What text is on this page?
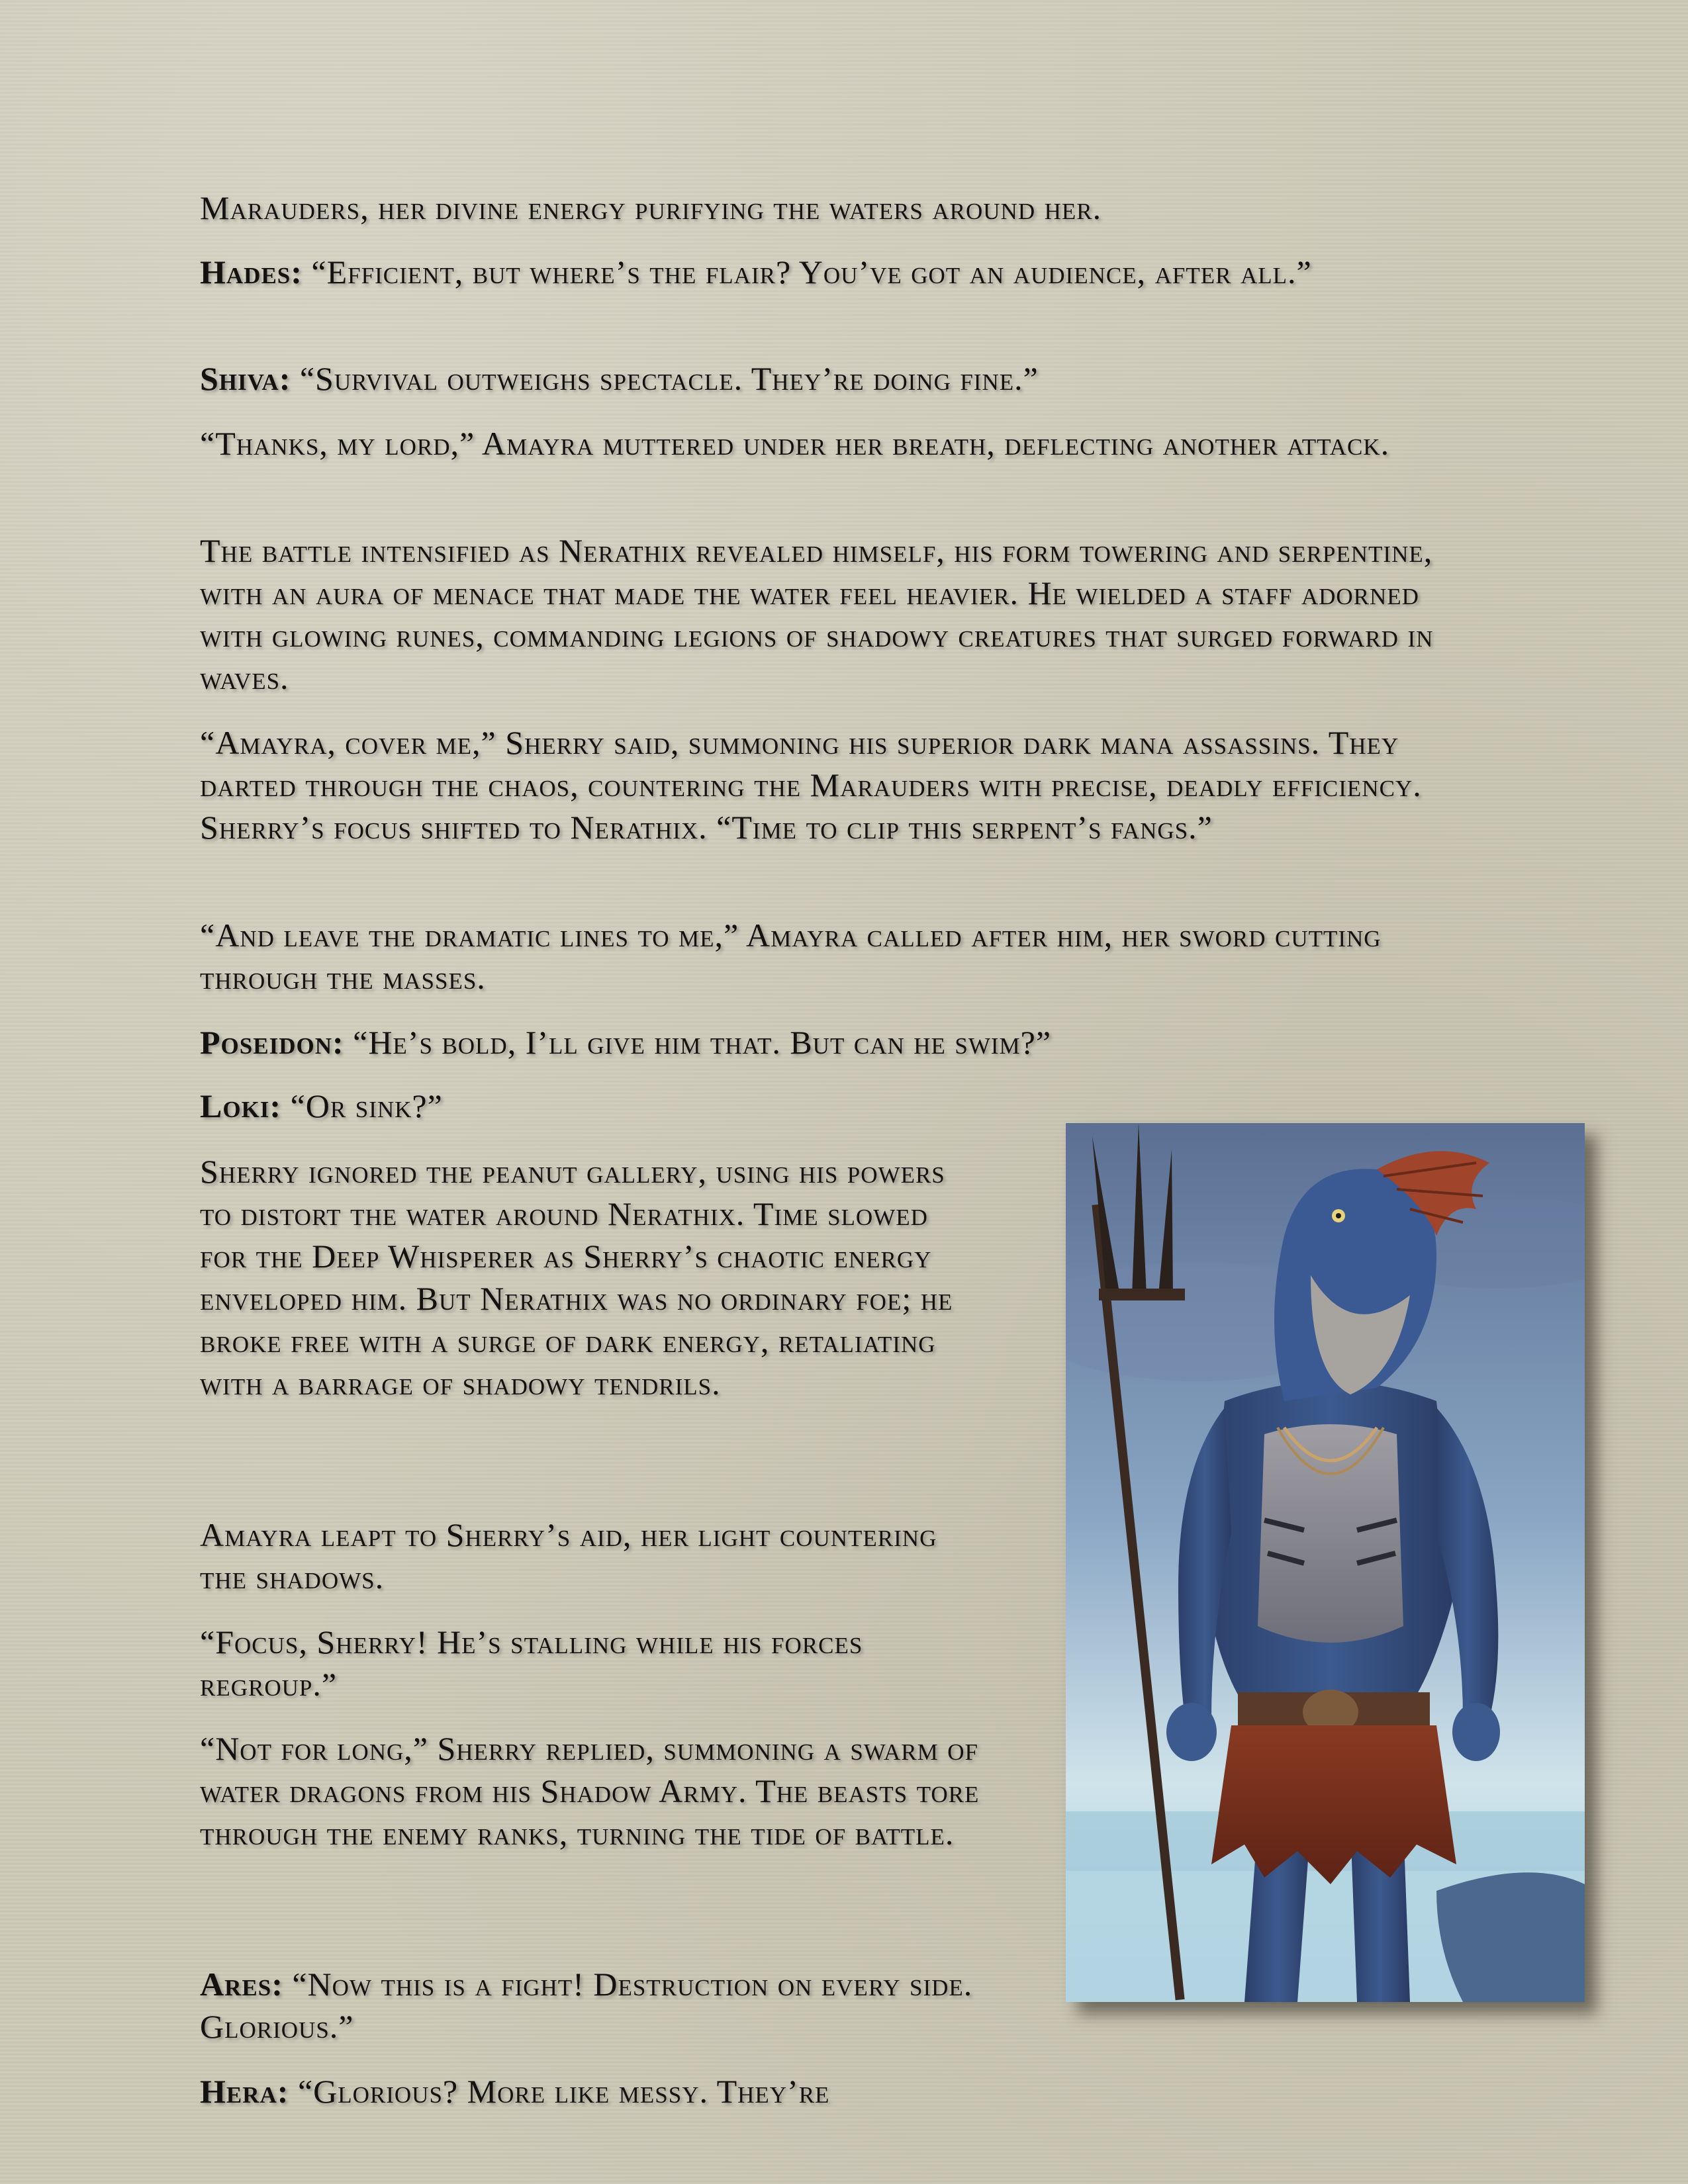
Marauders, her divine energy purifying the waters around her.

Hades: “Efficient, but where’s the flair? You’ve got an audience, after all.”

Shiva: “Survival outweighs spectacle. They’re doing fine.”

“Thanks, my lord,” Amayra muttered under her breath, deflecting another attack.

The battle intensified as Nerathix revealed himself, his form towering and serpentine, with an aura of menace that made the water feel heavier. He wielded a staff adorned with glowing runes, commanding legions of shadowy creatures that surged forward in waves.

“Amayra, cover me,” Sherry said, summoning his superior dark mana assassins. They darted through the chaos, countering the Marauders with precise, deadly efficiency. Sherry’s focus shifted to Nerathix. “Time to clip this serpent’s fangs.”

“And leave the dramatic lines to me,” Amayra called after him, her sword cutting through the masses.

Poseidon: “He’s bold, I’ll give him that. But can he swim?”

Loki: “Or sink?”

Sherry ignored the peanut gallery, using his powers to distort the water around Nerathix. Time slowed for the Deep Whisperer as Sherry’s chaotic energy enveloped him. But Nerathix was no ordinary foe; he broke free with a surge of dark energy, retaliating with a barrage of shadowy tendrils.

Amayra leapt to Sherry’s aid, her light countering the shadows.

“Focus, Sherry! He’s stalling while his forces regroup.”

“Not for long,” Sherry replied, summoning a swarm of water dragons from his Shadow Army. The beasts tore through the enemy ranks, turning the tide of battle.

Ares: “Now this is a fight! Destruction on every side. Glorious.”

Hera: “Glorious? More like messy. They’re
